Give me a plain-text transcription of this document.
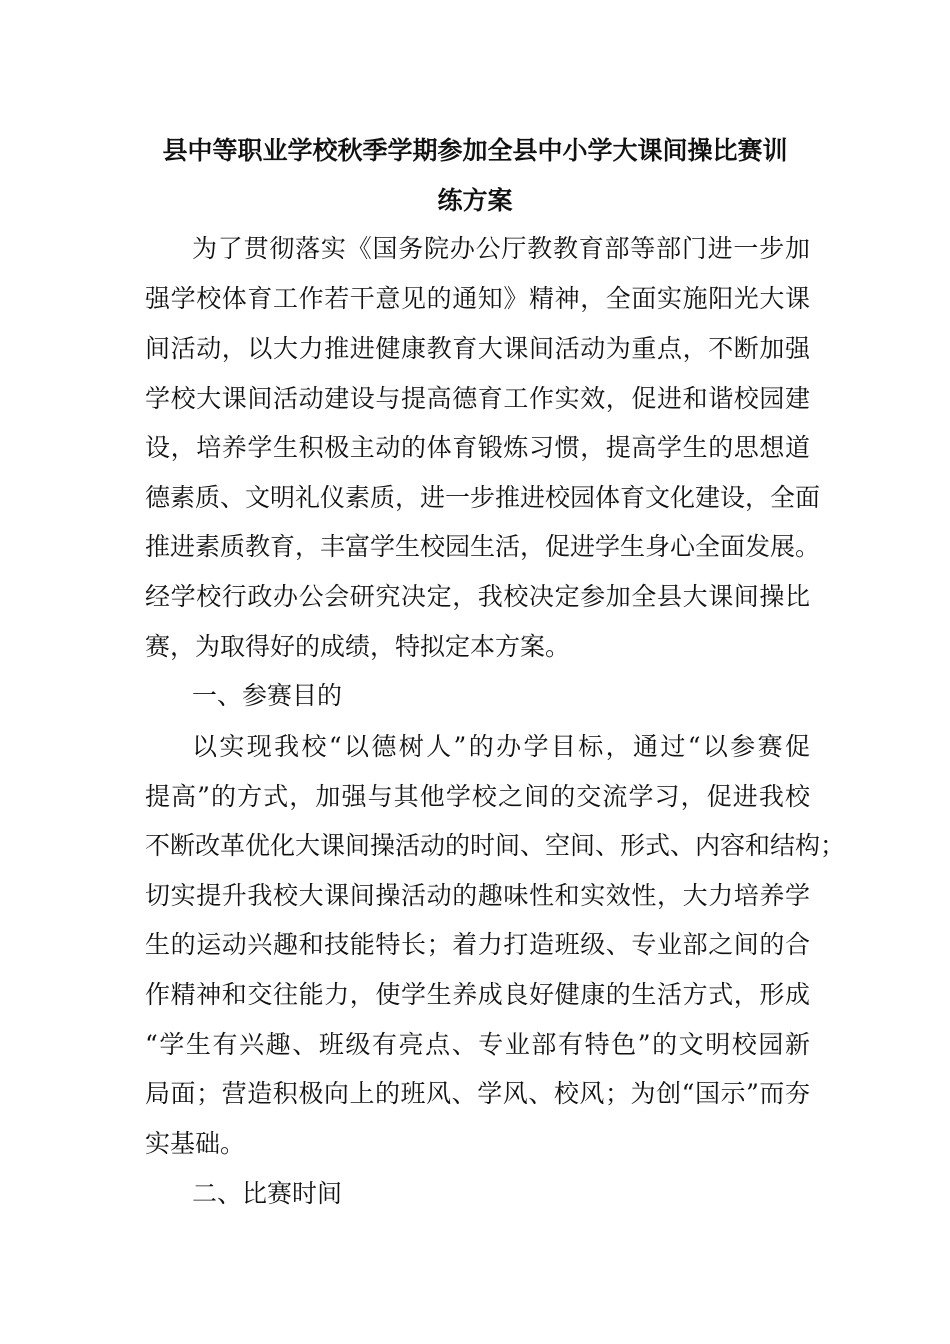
县中等职业学校秋季学期参加全县中小学大课间操比赛训
练方案

为了贯彻落实《国务院办公厅教教育部等部门进一步加

强学校体育工作若干意见的通知》精神，全面实施阳光大课

间活动，以大力推进健康教育大课间活动为重点，不断加强

学校大课间活动建设与提高德育工作实效，促进和谐校园建

设，培养学生积极主动的体育锻炼习惯，提高学生的思想道

德素质、文明礼仪素质，进一步推进校园体育文化建设，全面

推进素质教育，丰富学生校园生活，促进学生身心全面发展。

经学校行政办公会研究决定，我校决定参加全县大课间操比

赛，为取得好的成绩，特拟定本方案。

一、参赛目的

以实现我校“以德树人”的办学目标，通过“以参赛促

提高”的方式，加强与其他学校之间的交流学习，促进我校

不断改革优化大课间操活动的时间、空间、形式、内容和结构；

切实提升我校大课间操活动的趣味性和实效性，大力培养学

生的运动兴趣和技能特长；着力打造班级、专业部之间的合

作精神和交往能力，使学生养成良好健康的生活方式，形成

“学生有兴趣、班级有亮点、专业部有特色”的文明校园新

局面；营造积极向上的班风、学风、校风；为创“国示”而夯

实基础。

二、比赛时间
